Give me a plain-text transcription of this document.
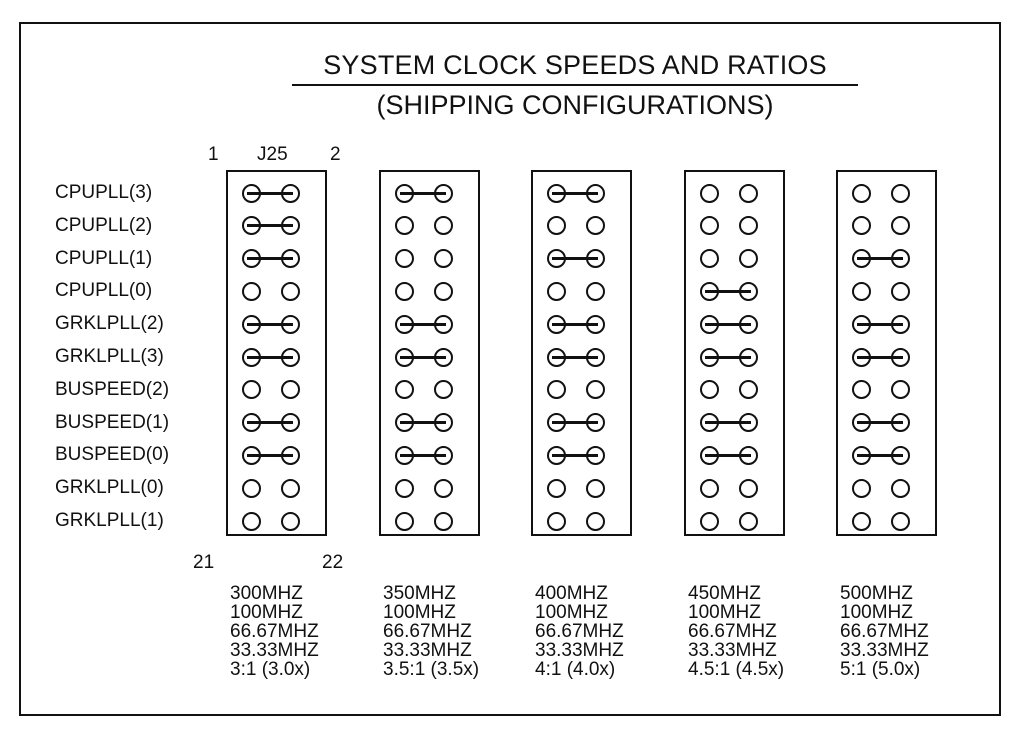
SYSTEM CLOCK SPEEDS AND RATIOS
(SHIPPING CONFIGURATIONS)
1 J25 2
21	22
CPUPLL(3)
CPUPLL(2)
CPUPLL(1)
CPUPLL(0)
GRKLPLL(2)
GRKLPLL(3)
BUSPEED(2)
BUSPEED(1)
BUSPEED(0)
GRKLPLL(0)
GRKLPLL(1)
300MHZ
100MHZ
66.67MHZ
33.33MHZ
3:1 (3.0x)
350MHZ
100MHZ
66.67MHZ
33.33MHZ
3.5:1 (3.5x)
400MHZ
100MHZ
66.67MHZ
33.33MHZ
4:1 (4.0x)
450MHZ
100MHZ
66.67MHZ
33.33MHZ
4.5:1 (4.5x)
500MHZ
100MHZ
66.67MHZ
33.33MHZ
5:1 (5.0x)
